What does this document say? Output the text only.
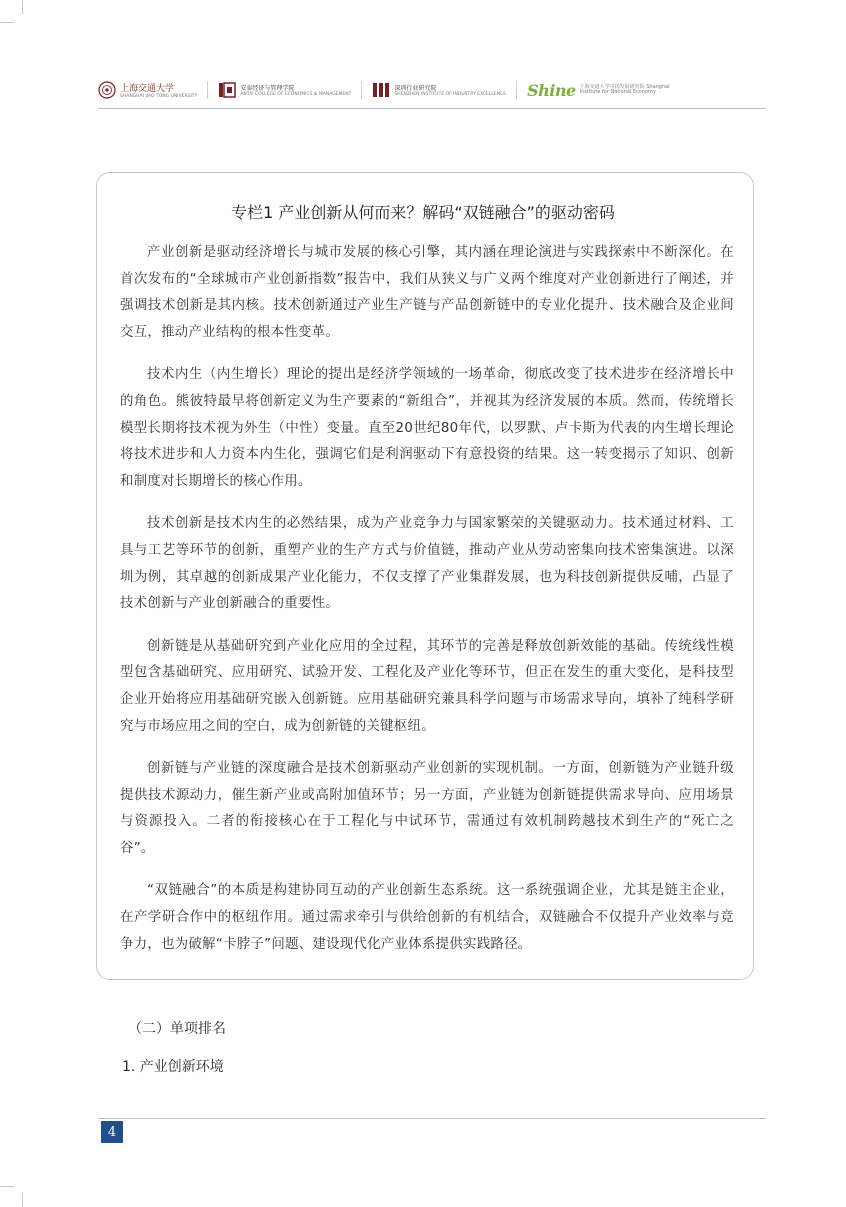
上海交通大学
SHANGHAI JIAO TONG UNIVERSITY
安泰经济与管理学院
ANTAI COLLEGE OF ECONOMICS & MANAGEMENT
深圳行业研究院
SHENZHEN INSTITUTE OF INDUSTRY EXCELLENCE Shine 上海交通大学中国发展研究院 Shanghai Institute for National Economy
专栏1 产业创新从何而来？解码“双链融合”的驱动密码

产业创新是驱动经济增长与城市发展的核心引擎，其内涵在理论演进与实践探索中不断深化。在首次发布的“全球城市产业创新指数”报告中，我们从狭义与广义两个维度对产业创新进行了阐述，并强调技术创新是其内核。技术创新通过产业生产链与产品创新链中的专业化提升、技术融合及企业间交互，推动产业结构的根本性变革。

技术内生（内生增长）理论的提出是经济学领域的一场革命，彻底改变了技术进步在经济增长中的角色。熊彼特最早将创新定义为生产要素的“新组合”，并视其为经济发展的本质。然而，传统增长模型长期将技术视为外生（中性）变量。直至20世纪80年代，以罗默、卢卡斯为代表的内生增长理论将技术进步和人力资本内生化，强调它们是利润驱动下有意投资的结果。这一转变揭示了知识、创新和制度对长期增长的核心作用。

技术创新是技术内生的必然结果，成为产业竞争力与国家繁荣的关键驱动力。技术通过材料、工具与工艺等环节的创新，重塑产业的生产方式与价值链，推动产业从劳动密集向技术密集演进。以深圳为例，其卓越的创新成果产业化能力，不仅支撑了产业集群发展，也为科技创新提供反哺，凸显了技术创新与产业创新融合的重要性。

创新链是从基础研究到产业化应用的全过程，其环节的完善是释放创新效能的基础。传统线性模型包含基础研究、应用研究、试验开发、工程化及产业化等环节，但正在发生的重大变化，是科技型企业开始将应用基础研究嵌入创新链。应用基础研究兼具科学问题与市场需求导向，填补了纯科学研究与市场应用之间的空白，成为创新链的关键枢纽。

创新链与产业链的深度融合是技术创新驱动产业创新的实现机制。一方面，创新链为产业链升级提供技术源动力，催生新产业或高附加值环节；另一方面，产业链为创新链提供需求导向、应用场景与资源投入。二者的衔接核心在于工程化与中试环节，需通过有效机制跨越技术到生产的“死亡之谷”。

“双链融合”的本质是构建协同互动的产业创新生态系统。这一系统强调企业，尤其是链主企业，在产学研合作中的枢纽作用。通过需求牵引与供给创新的有机结合，双链融合不仅提升产业效率与竞争力，也为破解“卡脖子”问题、建设现代化产业体系提供实践路径。

（二）单项排名
1. 产业创新环境
4
